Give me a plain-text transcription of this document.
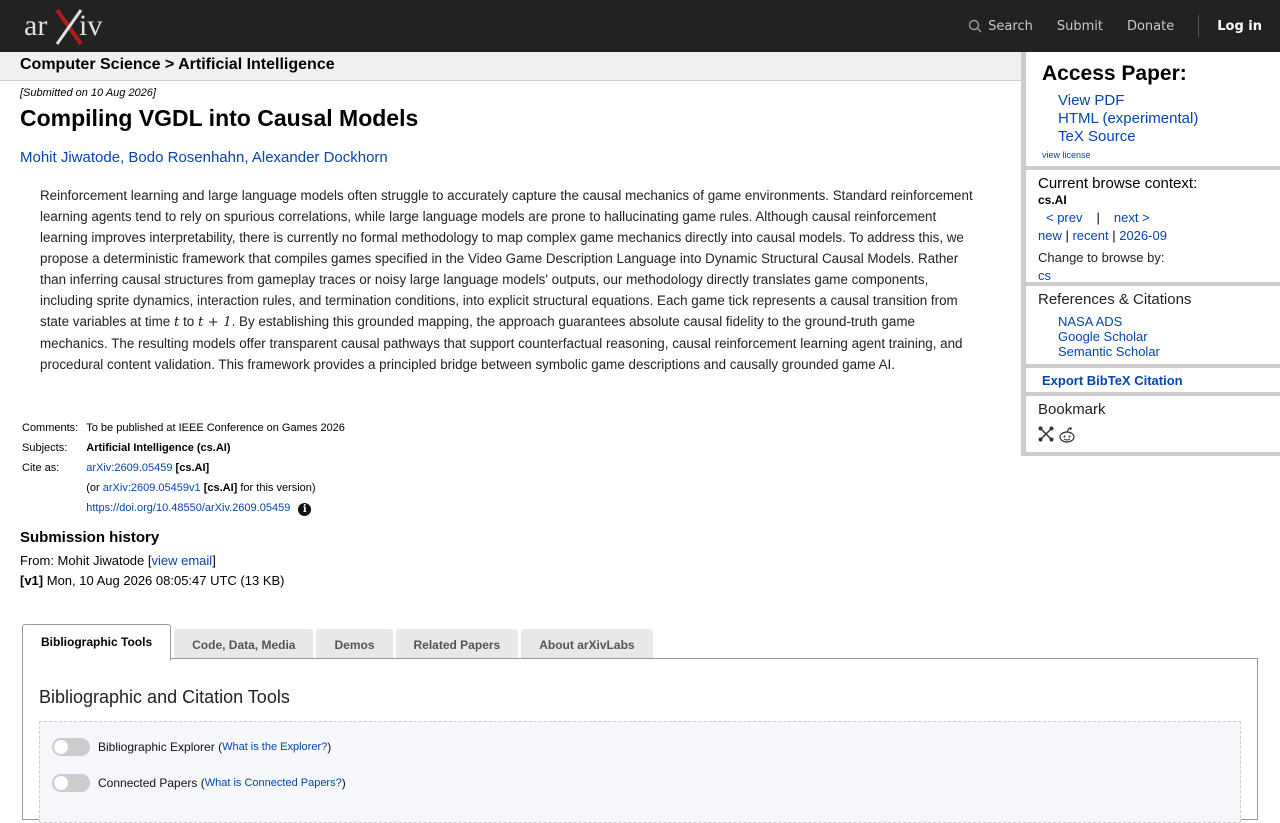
ar iv	Search Submit Donate	Log in
Computer Science > Artificial Intelligence
[Submitted on 10 Aug 2026]
Compiling VGDL into Causal Models
Mohit Jiwatode, Bodo Rosenhahn, Alexander Dockhorn

Reinforcement learning and large language models often struggle to accurately capture the causal mechanics of game environments. Standard reinforcement learning agents tend to rely on spurious correlations, while large language models are prone to hallucinating game rules. Although causal reinforcement learning improves interpretability, there is currently no formal methodology to map complex game mechanics directly into causal models. To address this, we propose a deterministic framework that compiles games specified in the Video Game Description Language into Dynamic Structural Causal Models. Rather than inferring causal structures from gameplay traces or noisy large language models' outputs, our methodology directly translates game components, including sprite dynamics, interaction rules, and termination conditions, into explicit structural equations. Each game tick represents a causal transition from state variables at time t to t + 1. By establishing this grounded mapping, the approach guarantees absolute causal fidelity to the ground-truth game mechanics. The resulting models offer transparent causal pathways that support counterfactual reasoning, causal reinforcement learning agent training, and procedural content validation. This framework provides a principled bridge between symbolic game descriptions and causally grounded game AI.

Comments:	To be published at IEEE Conference on Games 2026
Subjects:	Artificial Intelligence (cs.AI)
Cite as:	arXiv:2609.05459 [cs.AI]
	(or arXiv:2609.05459v1 [cs.AI] for this version)
	https://doi.org/10.48550/arXiv.2609.05459 i
Submission history
From: Mohit Jiwatode [view email]
[v1] Mon, 10 Aug 2026 08:05:47 UTC (13 KB)
Bibliographic Tools	Code, Data, Media	Demos	Related Papers	About arXivLabs
Bibliographic and Citation Tools
Bibliographic Explorer ( What is the Explorer? )
Connected Papers ( What is Connected Papers? )
Access Paper:
View PDF
HTML (experimental)
TeX Source
view license
Current browse context:
cs.AI
< prev | next >
new | recent | 2026-09
Change to browse by:
cs
References & Citations
NASA ADS
Google Scholar
Semantic Scholar
Export BibTeX Citation
Bookmark
